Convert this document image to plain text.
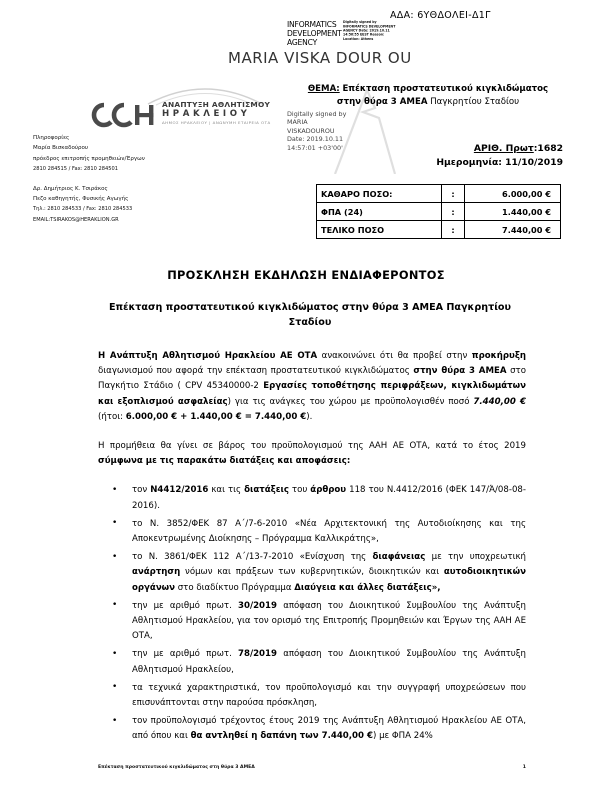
ΑΔΑ: 6ΥΘΔΟΛΕΙ-Δ1Γ
INFORMATICS DEVELOPMENT AGENCY
Digitally signed by INFORMATICS DEVELOPMENT AGENCY Date: 2019.10.11 14:56:55 EEST Reason: Location: Athens
MARIA VISKA DOUR OU
Digitally signed by MARIA VISKADOUROU Date: 2019.10.11 14:57:01 +03'00'
ΑΝΑΠΤΥΞΗ ΑΘΛΗΤΙΣΜΟΥ
ΗΡΑΚΛΕΙΟΥ
ΔΗΜΟΣ ΗΡΑΚΛΕΙΟΥ | ΑΝΩΝΥΜΗ ΕΤΑΙΡΕΙΑ ΟΤΑ
Πληροφορίες
Μαρία Βισκαδούρου
πρόεδρος επιτροπής προμηθειών/Έργων
2810 284515 / Fax: 2810 284501
Δρ. Δημήτριος Κ. Τσιράκος
Πεζο καθηγητής, Φυσικής Αγωγής
Τηλ.: 2810 284533 / Fax: 2810 284533
EMAIL:TSIRAKOS@HERAKLION.GR
ΘΕΜΑ: Επέκταση προστατευτικού κιγκλιδώματος στην θύρα 3 ΑΜΕΑ Παγκρητίου Σταδίου
ΑΡΙΘ. Πρωτ:1682
Ημερομηνία: 11/10/2019
ΚΑΘΑΡΟ ΠΟΣΟ:	:	6.000,00 €
ΦΠΑ (24)	:	1.440,00 €
ΤΕΛΙΚΟ ΠΟΣΟ	:	7.440,00 €
ΠΡΟΣΚΛΗΣΗ ΕΚΔΗΛΩΣΗ ΕΝΔΙΑΦΕΡΟΝΤΟΣ
Επέκταση προστατευτικού κιγκλιδώματος στην θύρα 3 ΑΜΕΑ Παγκρητίου Σταδίου

Η Ανάπτυξη Αθλητισμού Ηρακλείου ΑΕ ΟΤΑ ανακοινώνει ότι θα προβεί στην προκήρυξη διαγωνισμού που αφορά την επέκταση προστατευτικού κιγκλιδώματος στην θύρα 3 ΑΜΕΑ στο Παγκήτιο Στάδιο ( CPV 45340000-2 Εργασίες τοποθέτησης περιφράξεων, κιγκλιδωμάτων και εξοπλισμού ασφαλείας) για τις ανάγκες του χώρου με προϋπολογισθέν ποσό 7.440,00 € (ήτοι: 6.000,00 € + 1.440,00 € = 7.440,00 €).

Η προμήθεια θα γίνει σε βάρος του προϋπολογισμού της ΑΑΗ ΑΕ ΟΤΑ, κατά το έτος 2019 σύμφωνα με τις παρακάτω διατάξεις και αποφάσεις:

• τον Ν4412/2016 και τις διατάξεις του άρθρου 118 του Ν.4412/2016 (ΦΕΚ 147/Ά/08-08-2016).
• το Ν. 3852/ΦΕΚ 87 Α΄/7-6-2010 «Νέα Αρχιτεκτονική της Αυτοδιοίκησης και της Αποκεντρωμένης Διοίκησης – Πρόγραμμα Καλλικράτης»,
• το Ν. 3861/ΦΕΚ 112 Α΄/13-7-2010 «Ενίσχυση της διαφάνειας με την υποχρεωτική ανάρτηση νόμων και πράξεων των κυβερνητικών, διοικητικών και αυτοδιοικητικών οργάνων στο διαδίκτυο Πρόγραμμα Διαύγεια και άλλες διατάξεις»,
• την με αριθμό πρωτ. 30/2019 απόφαση του Διοικητικού Συμβουλίου της Ανάπτυξη Αθλητισμού Ηρακλείου, για τον ορισμό της Επιτροπής Προμηθειών και Έργων της ΑΑΗ ΑΕ ΟΤΑ,
• την με αριθμό πρωτ. 78/2019 απόφαση του Διοικητικού Συμβουλίου της Ανάπτυξη Αθλητισμού Ηρακλείου,
• τα τεχνικά χαρακτηριστικά, τον προϋπολογισμό και την συγγραφή υποχρεώσεων που επισυνάπτονται στην παρούσα πρόσκληση,
• τον προϋπολογισμό τρέχοντος έτους 2019 της Ανάπτυξη Αθλητισμού Ηρακλείου ΑΕ ΟΤΑ, από όπου και θα αντληθεί η δαπάνη των 7.440,00 €) με ΦΠΑ 24%
Επέκταση προστατευτικού κιγκλιδώματος στη θύρα 3 ΑΜΕΑ	1
